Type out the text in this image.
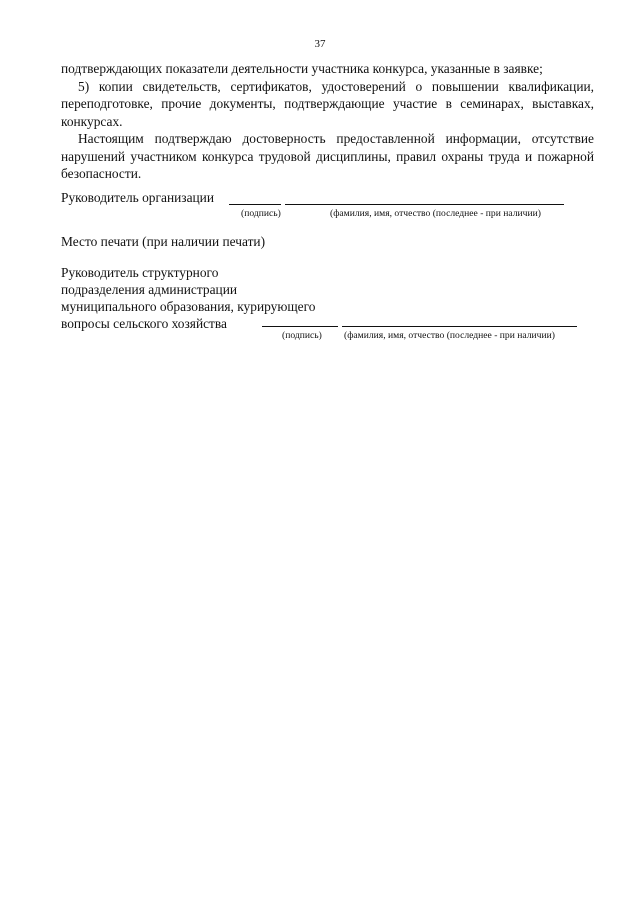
37

подтверждающих показатели деятельности участника конкурса, указанные в заявке;

5) копии свидетельств, сертификатов, удостоверений о повышении квалификации, переподготовке, прочие документы, подтверждающие участие в семинарах, выставках, конкурсах.

Настоящим подтверждаю достоверность предоставленной информации, отсутствие нарушений участником конкурса трудовой дисциплины, правил охраны труда и пожарной безопасности.

Руководитель организации
(подпись)	(фамилия, имя, отчество (последнее - при наличии)
Место печати (при наличии печати)
Руководитель структурного
подразделения администрации
муниципального образования, курирующего
вопросы сельского хозяйства
(подпись) (фамилия, имя, отчество (последнее - при наличии)
